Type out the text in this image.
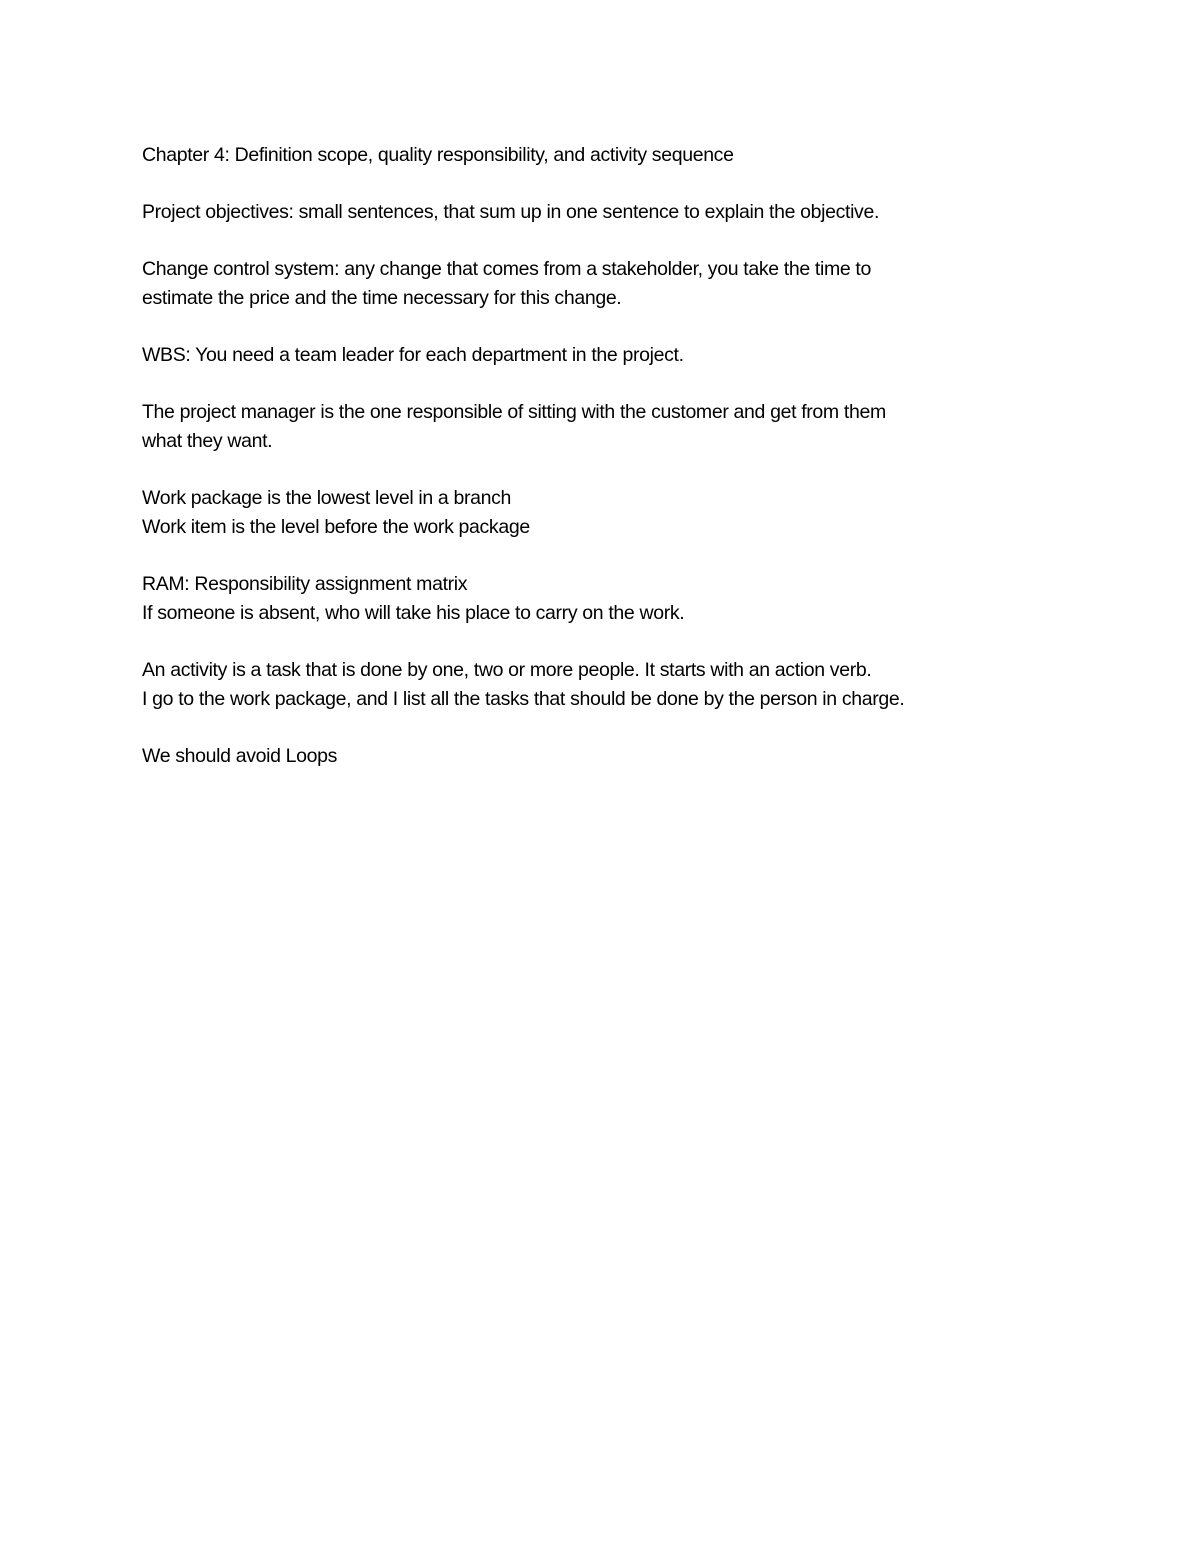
Chapter 4: Definition scope, quality responsibility, and activity sequence

Project objectives: small sentences, that sum up in one sentence to explain the objective.

Change control system: any change that comes from a stakeholder, you take the time to
estimate the price and the time necessary for this change.

WBS: You need a team leader for each department in the project.

The project manager is the one responsible of sitting with the customer and get from them
what they want.

Work package is the lowest level in a branch
Work item is the level before the work package

RAM: Responsibility assignment matrix
If someone is absent, who will take his place to carry on the work.

An activity is a task that is done by one, two or more people. It starts with an action verb.
I go to the work package, and I list all the tasks that should be done by the person in charge.

We should avoid Loops
